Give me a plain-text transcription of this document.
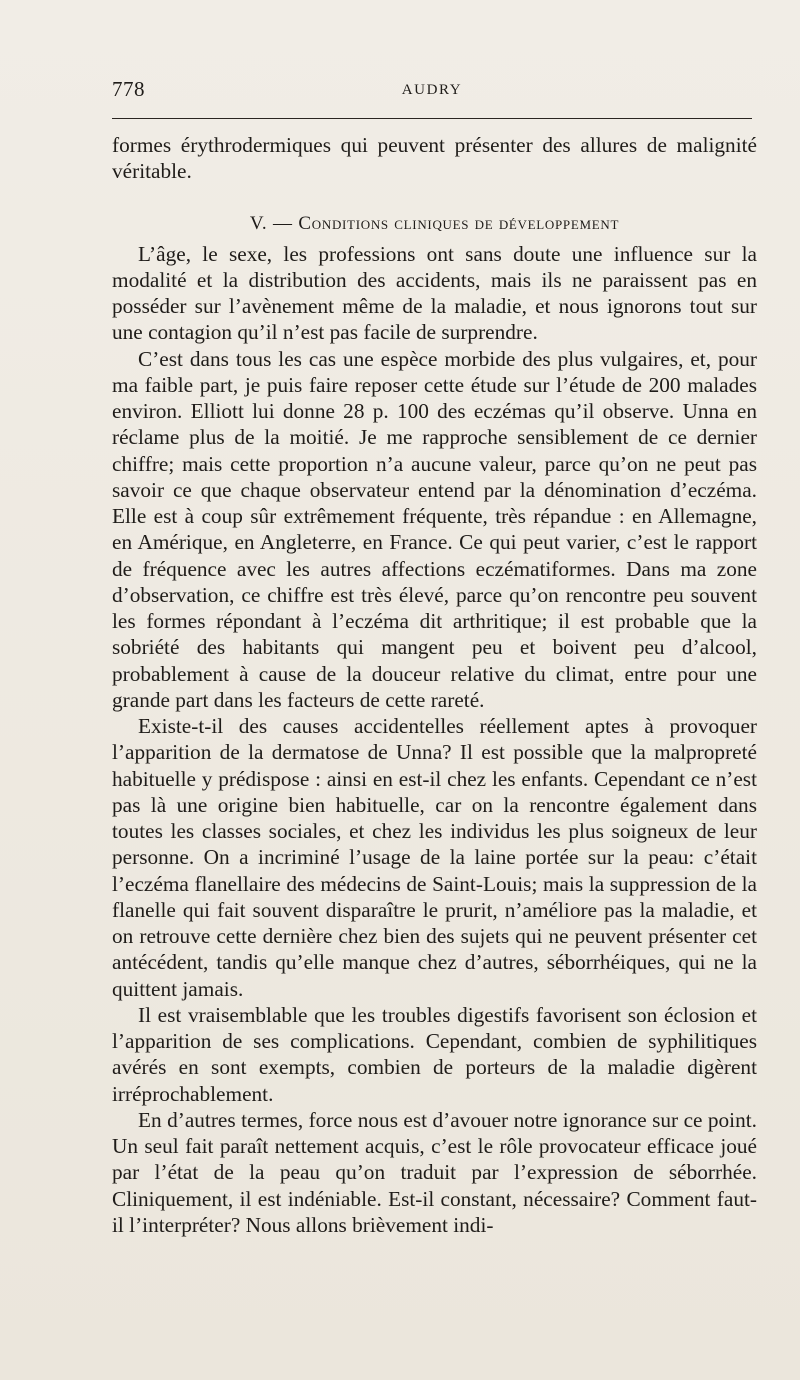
778	AUDRY

formes érythrodermiques qui peuvent présenter des allures de malignité véritable.

V. — Conditions cliniques de développement

L’âge, le sexe, les professions ont sans doute une influence sur la modalité et la distribution des accidents, mais ils ne paraissent pas en posséder sur l’avènement même de la maladie, et nous ignorons tout sur une contagion qu’il n’est pas facile de surprendre.

C’est dans tous les cas une espèce morbide des plus vulgaires, et, pour ma faible part, je puis faire reposer cette étude sur l’étude de 200 malades environ. Elliott lui donne 28 p. 100 des eczémas qu’il observe. Unna en réclame plus de la moitié. Je me rapproche sensiblement de ce dernier chiffre; mais cette proportion n’a aucune valeur, parce qu’on ne peut pas savoir ce que chaque observateur entend par la dénomination d’eczéma. Elle est à coup sûr extrêmement fréquente, très répandue : en Allemagne, en Amérique, en Angleterre, en France. Ce qui peut varier, c’est le rapport de fréquence avec les autres affections eczématiformes. Dans ma zone d’observation, ce chiffre est très élevé, parce qu’on rencontre peu souvent les formes répondant à l’eczéma dit arthritique; il est probable que la sobriété des habitants qui mangent peu et boivent peu d’alcool, probablement à cause de la douceur relative du climat, entre pour une grande part dans les facteurs de cette rareté.

Existe-t-il des causes accidentelles réellement aptes à provoquer l’apparition de la dermatose de Unna? Il est possible que la malpropreté habituelle y prédispose : ainsi en est-il chez les enfants. Cependant ce n’est pas là une origine bien habituelle, car on la rencontre également dans toutes les classes sociales, et chez les individus les plus soigneux de leur personne. On a incriminé l’usage de la laine portée sur la peau: c’était l’eczéma flanellaire des médecins de Saint-Louis; mais la suppression de la flanelle qui fait souvent disparaître le prurit, n’améliore pas la maladie, et on retrouve cette dernière chez bien des sujets qui ne peuvent présenter cet antécédent, tandis qu’elle manque chez d’autres, séborrhéiques, qui ne la quittent jamais.

Il est vraisemblable que les troubles digestifs favorisent son éclosion et l’apparition de ses complications. Cependant, combien de syphilitiques avérés en sont exempts, combien de porteurs de la maladie digèrent irréprochablement.

En d’autres termes, force nous est d’avouer notre ignorance sur ce point. Un seul fait paraît nettement acquis, c’est le rôle provocateur efficace joué par l’état de la peau qu’on traduit par l’expression de séborrhée. Cliniquement, il est indéniable. Est-il constant, nécessaire? Comment faut-il l’interpréter? Nous allons brièvement indi-
